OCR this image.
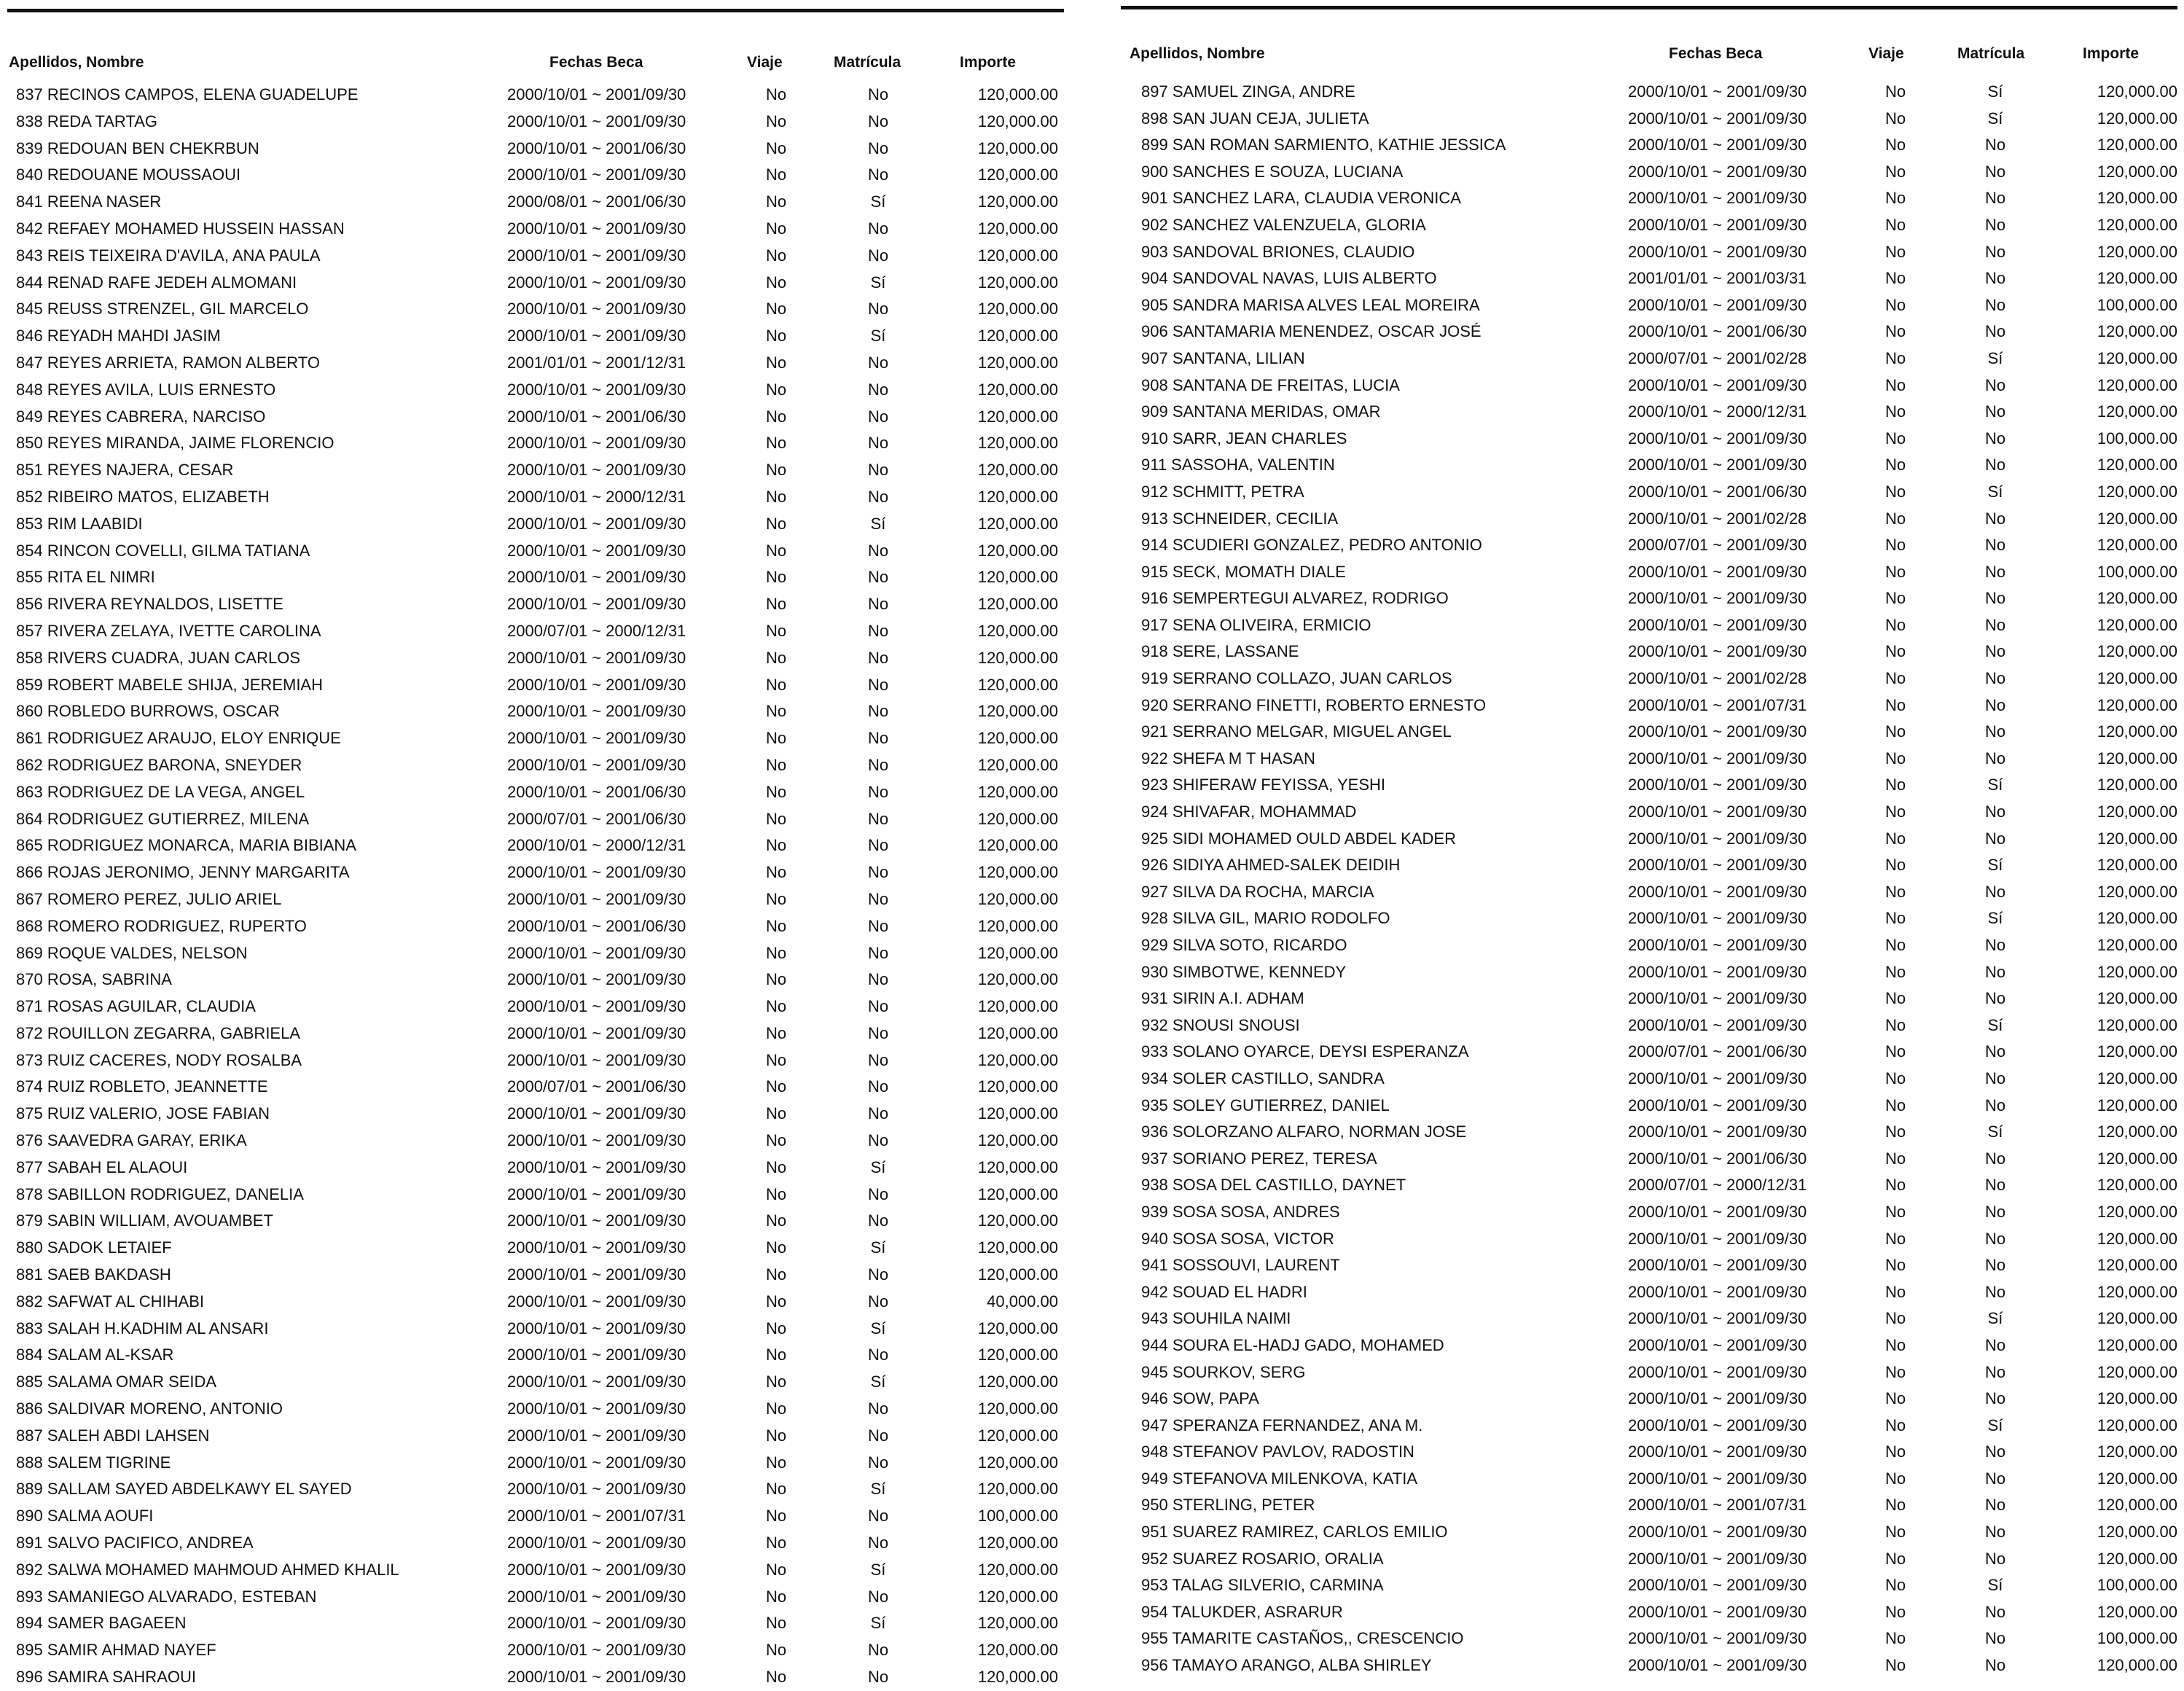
Apellidos, Nombre	Fechas Beca	Viaje	Matrícula	Importe
837 RECINOS CAMPOS, ELENA GUADELUPE	2000/10/01 ~ 2001/09/30	No	No	120,000.00
838 REDA TARTAG	2000/10/01 ~ 2001/09/30	No	No	120,000.00
839 REDOUAN BEN CHEKRBUN	2000/10/01 ~ 2001/06/30	No	No	120,000.00
840 REDOUANE MOUSSAOUI	2000/10/01 ~ 2001/09/30	No	No	120,000.00
841 REENA NASER	2000/08/01 ~ 2001/06/30	No	Sí	120,000.00
842 REFAEY MOHAMED HUSSEIN HASSAN	2000/10/01 ~ 2001/09/30	No	No	120,000.00
843 REIS TEIXEIRA D'AVILA, ANA PAULA	2000/10/01 ~ 2001/09/30	No	No	120,000.00
844 RENAD RAFE JEDEH ALMOMANI	2000/10/01 ~ 2001/09/30	No	Sí	120,000.00
845 REUSS STRENZEL, GIL MARCELO	2000/10/01 ~ 2001/09/30	No	No	120,000.00
846 REYADH MAHDI JASIM	2000/10/01 ~ 2001/09/30	No	Sí	120,000.00
847 REYES ARRIETA, RAMON ALBERTO	2001/01/01 ~ 2001/12/31	No	No	120,000.00
848 REYES AVILA, LUIS ERNESTO	2000/10/01 ~ 2001/09/30	No	No	120,000.00
849 REYES CABRERA, NARCISO	2000/10/01 ~ 2001/06/30	No	No	120,000.00
850 REYES MIRANDA, JAIME FLORENCIO	2000/10/01 ~ 2001/09/30	No	No	120,000.00
851 REYES NAJERA, CESAR	2000/10/01 ~ 2001/09/30	No	No	120,000.00
852 RIBEIRO MATOS, ELIZABETH	2000/10/01 ~ 2000/12/31	No	No	120,000.00
853 RIM LAABIDI	2000/10/01 ~ 2001/09/30	No	Sí	120,000.00
854 RINCON COVELLI, GILMA TATIANA	2000/10/01 ~ 2001/09/30	No	No	120,000.00
855 RITA EL NIMRI	2000/10/01 ~ 2001/09/30	No	No	120,000.00
856 RIVERA REYNALDOS, LISETTE	2000/10/01 ~ 2001/09/30	No	No	120,000.00
857 RIVERA ZELAYA, IVETTE CAROLINA	2000/07/01 ~ 2000/12/31	No	No	120,000.00
858 RIVERS CUADRA, JUAN CARLOS	2000/10/01 ~ 2001/09/30	No	No	120,000.00
859 ROBERT MABELE SHIJA, JEREMIAH	2000/10/01 ~ 2001/09/30	No	No	120,000.00
860 ROBLEDO BURROWS, OSCAR	2000/10/01 ~ 2001/09/30	No	No	120,000.00
861 RODRIGUEZ ARAUJO, ELOY ENRIQUE	2000/10/01 ~ 2001/09/30	No	No	120,000.00
862 RODRIGUEZ BARONA, SNEYDER	2000/10/01 ~ 2001/09/30	No	No	120,000.00
863 RODRIGUEZ DE LA VEGA, ANGEL	2000/10/01 ~ 2001/06/30	No	No	120,000.00
864 RODRIGUEZ GUTIERREZ, MILENA	2000/07/01 ~ 2001/06/30	No	No	120,000.00
865 RODRIGUEZ MONARCA, MARIA BIBIANA	2000/10/01 ~ 2000/12/31	No	No	120,000.00
866 ROJAS JERONIMO, JENNY MARGARITA	2000/10/01 ~ 2001/09/30	No	No	120,000.00
867 ROMERO PEREZ, JULIO ARIEL	2000/10/01 ~ 2001/09/30	No	No	120,000.00
868 ROMERO RODRIGUEZ, RUPERTO	2000/10/01 ~ 2001/06/30	No	No	120,000.00
869 ROQUE VALDES, NELSON	2000/10/01 ~ 2001/09/30	No	No	120,000.00
870 ROSA, SABRINA	2000/10/01 ~ 2001/09/30	No	No	120,000.00
871 ROSAS AGUILAR, CLAUDIA	2000/10/01 ~ 2001/09/30	No	No	120,000.00
872 ROUILLON ZEGARRA, GABRIELA	2000/10/01 ~ 2001/09/30	No	No	120,000.00
873 RUIZ CACERES, NODY ROSALBA	2000/10/01 ~ 2001/09/30	No	No	120,000.00
874 RUIZ ROBLETO, JEANNETTE	2000/07/01 ~ 2001/06/30	No	No	120,000.00
875 RUIZ VALERIO, JOSE FABIAN	2000/10/01 ~ 2001/09/30	No	No	120,000.00
876 SAAVEDRA GARAY, ERIKA	2000/10/01 ~ 2001/09/30	No	No	120,000.00
877 SABAH EL ALAOUI	2000/10/01 ~ 2001/09/30	No	Sí	120,000.00
878 SABILLON RODRIGUEZ, DANELIA	2000/10/01 ~ 2001/09/30	No	No	120,000.00
879 SABIN WILLIAM, AVOUAMBET	2000/10/01 ~ 2001/09/30	No	No	120,000.00
880 SADOK LETAIEF	2000/10/01 ~ 2001/09/30	No	Sí	120,000.00
881 SAEB BAKDASH	2000/10/01 ~ 2001/09/30	No	No	120,000.00
882 SAFWAT AL CHIHABI	2000/10/01 ~ 2001/09/30	No	No	40,000.00
883 SALAH H.KADHIM AL ANSARI	2000/10/01 ~ 2001/09/30	No	Sí	120,000.00
884 SALAM AL-KSAR	2000/10/01 ~ 2001/09/30	No	No	120,000.00
885 SALAMA OMAR SEIDA	2000/10/01 ~ 2001/09/30	No	Sí	120,000.00
886 SALDIVAR MORENO, ANTONIO	2000/10/01 ~ 2001/09/30	No	No	120,000.00
887 SALEH ABDI LAHSEN	2000/10/01 ~ 2001/09/30	No	No	120,000.00
888 SALEM TIGRINE	2000/10/01 ~ 2001/09/30	No	No	120,000.00
889 SALLAM SAYED ABDELKAWY EL SAYED	2000/10/01 ~ 2001/09/30	No	Sí	120,000.00
890 SALMA AOUFI	2000/10/01 ~ 2001/07/31	No	No	100,000.00
891 SALVO PACIFICO, ANDREA	2000/10/01 ~ 2001/09/30	No	No	120,000.00
892 SALWA MOHAMED MAHMOUD AHMED KHALIL	2000/10/01 ~ 2001/09/30	No	Sí	120,000.00
893 SAMANIEGO ALVARADO, ESTEBAN	2000/10/01 ~ 2001/09/30	No	No	120,000.00
894 SAMER BAGAEEN	2000/10/01 ~ 2001/09/30	No	Sí	120,000.00
895 SAMIR AHMAD NAYEF	2000/10/01 ~ 2001/09/30	No	No	120,000.00
896 SAMIRA SAHRAOUI	2000/10/01 ~ 2001/09/30	No	No	120,000.00
Apellidos, Nombre	Fechas Beca	Viaje	Matrícula	Importe
897 SAMUEL ZINGA, ANDRE	2000/10/01 ~ 2001/09/30	No	Sí	120,000.00
898 SAN JUAN CEJA, JULIETA	2000/10/01 ~ 2001/09/30	No	Sí	120,000.00
899 SAN ROMAN SARMIENTO, KATHIE JESSICA	2000/10/01 ~ 2001/09/30	No	No	120,000.00
900 SANCHES E SOUZA, LUCIANA	2000/10/01 ~ 2001/09/30	No	No	120,000.00
901 SANCHEZ LARA, CLAUDIA VERONICA	2000/10/01 ~ 2001/09/30	No	No	120,000.00
902 SANCHEZ VALENZUELA, GLORIA	2000/10/01 ~ 2001/09/30	No	No	120,000.00
903 SANDOVAL BRIONES, CLAUDIO	2000/10/01 ~ 2001/09/30	No	No	120,000.00
904 SANDOVAL NAVAS, LUIS ALBERTO	2001/01/01 ~ 2001/03/31	No	No	120,000.00
905 SANDRA MARISA ALVES LEAL MOREIRA	2000/10/01 ~ 2001/09/30	No	No	100,000.00
906 SANTAMARIA MENENDEZ, OSCAR JOSÉ	2000/10/01 ~ 2001/06/30	No	No	120,000.00
907 SANTANA, LILIAN	2000/07/01 ~ 2001/02/28	No	Sí	120,000.00
908 SANTANA DE FREITAS, LUCIA	2000/10/01 ~ 2001/09/30	No	No	120,000.00
909 SANTANA MERIDAS, OMAR	2000/10/01 ~ 2000/12/31	No	No	120,000.00
910 SARR, JEAN CHARLES	2000/10/01 ~ 2001/09/30	No	No	100,000.00
911 SASSOHA, VALENTIN	2000/10/01 ~ 2001/09/30	No	No	120,000.00
912 SCHMITT, PETRA	2000/10/01 ~ 2001/06/30	No	Sí	120,000.00
913 SCHNEIDER, CECILIA	2000/10/01 ~ 2001/02/28	No	No	120,000.00
914 SCUDIERI GONZALEZ, PEDRO ANTONIO	2000/07/01 ~ 2001/09/30	No	No	120,000.00
915 SECK, MOMATH DIALE	2000/10/01 ~ 2001/09/30	No	No	100,000.00
916 SEMPERTEGUI ALVAREZ, RODRIGO	2000/10/01 ~ 2001/09/30	No	No	120,000.00
917 SENA OLIVEIRA, ERMICIO	2000/10/01 ~ 2001/09/30	No	No	120,000.00
918 SERE, LASSANE	2000/10/01 ~ 2001/09/30	No	No	120,000.00
919 SERRANO COLLAZO, JUAN CARLOS	2000/10/01 ~ 2001/02/28	No	No	120,000.00
920 SERRANO FINETTI, ROBERTO ERNESTO	2000/10/01 ~ 2001/07/31	No	No	120,000.00
921 SERRANO MELGAR, MIGUEL ANGEL	2000/10/01 ~ 2001/09/30	No	No	120,000.00
922 SHEFA M T HASAN	2000/10/01 ~ 2001/09/30	No	No	120,000.00
923 SHIFERAW FEYISSA, YESHI	2000/10/01 ~ 2001/09/30	No	Sí	120,000.00
924 SHIVAFAR, MOHAMMAD	2000/10/01 ~ 2001/09/30	No	No	120,000.00
925 SIDI MOHAMED OULD ABDEL KADER	2000/10/01 ~ 2001/09/30	No	No	120,000.00
926 SIDIYA AHMED-SALEK DEIDIH	2000/10/01 ~ 2001/09/30	No	Sí	120,000.00
927 SILVA DA ROCHA, MARCIA	2000/10/01 ~ 2001/09/30	No	No	120,000.00
928 SILVA GIL, MARIO RODOLFO	2000/10/01 ~ 2001/09/30	No	Sí	120,000.00
929 SILVA SOTO, RICARDO	2000/10/01 ~ 2001/09/30	No	No	120,000.00
930 SIMBOTWE, KENNEDY	2000/10/01 ~ 2001/09/30	No	No	120,000.00
931 SIRIN A.I. ADHAM	2000/10/01 ~ 2001/09/30	No	No	120,000.00
932 SNOUSI SNOUSI	2000/10/01 ~ 2001/09/30	No	Sí	120,000.00
933 SOLANO OYARCE, DEYSI ESPERANZA	2000/07/01 ~ 2001/06/30	No	No	120,000.00
934 SOLER CASTILLO, SANDRA	2000/10/01 ~ 2001/09/30	No	No	120,000.00
935 SOLEY GUTIERREZ, DANIEL	2000/10/01 ~ 2001/09/30	No	No	120,000.00
936 SOLORZANO ALFARO, NORMAN JOSE	2000/10/01 ~ 2001/09/30	No	Sí	120,000.00
937 SORIANO PEREZ, TERESA	2000/10/01 ~ 2001/06/30	No	No	120,000.00
938 SOSA DEL CASTILLO, DAYNET	2000/07/01 ~ 2000/12/31	No	No	120,000.00
939 SOSA SOSA, ANDRES	2000/10/01 ~ 2001/09/30	No	No	120,000.00
940 SOSA SOSA, VICTOR	2000/10/01 ~ 2001/09/30	No	No	120,000.00
941 SOSSOUVI, LAURENT	2000/10/01 ~ 2001/09/30	No	No	120,000.00
942 SOUAD EL HADRI	2000/10/01 ~ 2001/09/30	No	No	120,000.00
943 SOUHILA NAIMI	2000/10/01 ~ 2001/09/30	No	Sí	120,000.00
944 SOURA EL-HADJ GADO, MOHAMED	2000/10/01 ~ 2001/09/30	No	No	120,000.00
945 SOURKOV, SERG	2000/10/01 ~ 2001/09/30	No	No	120,000.00
946 SOW, PAPA	2000/10/01 ~ 2001/09/30	No	No	120,000.00
947 SPERANZA FERNANDEZ, ANA M.	2000/10/01 ~ 2001/09/30	No	Sí	120,000.00
948 STEFANOV PAVLOV, RADOSTIN	2000/10/01 ~ 2001/09/30	No	No	120,000.00
949 STEFANOVA MILENKOVA, KATIA	2000/10/01 ~ 2001/09/30	No	No	120,000.00
950 STERLING, PETER	2000/10/01 ~ 2001/07/31	No	No	120,000.00
951 SUAREZ RAMIREZ, CARLOS EMILIO	2000/10/01 ~ 2001/09/30	No	No	120,000.00
952 SUAREZ ROSARIO, ORALIA	2000/10/01 ~ 2001/09/30	No	No	120,000.00
953 TALAG SILVERIO, CARMINA	2000/10/01 ~ 2001/09/30	No	Sí	100,000.00
954 TALUKDER, ASRARUR	2000/10/01 ~ 2001/09/30	No	No	120,000.00
955 TAMARITE CASTAÑOS,, CRESCENCIO	2000/10/01 ~ 2001/09/30	No	No	100,000.00
956 TAMAYO ARANGO, ALBA SHIRLEY	2000/10/01 ~ 2001/09/30	No	No	120,000.00
